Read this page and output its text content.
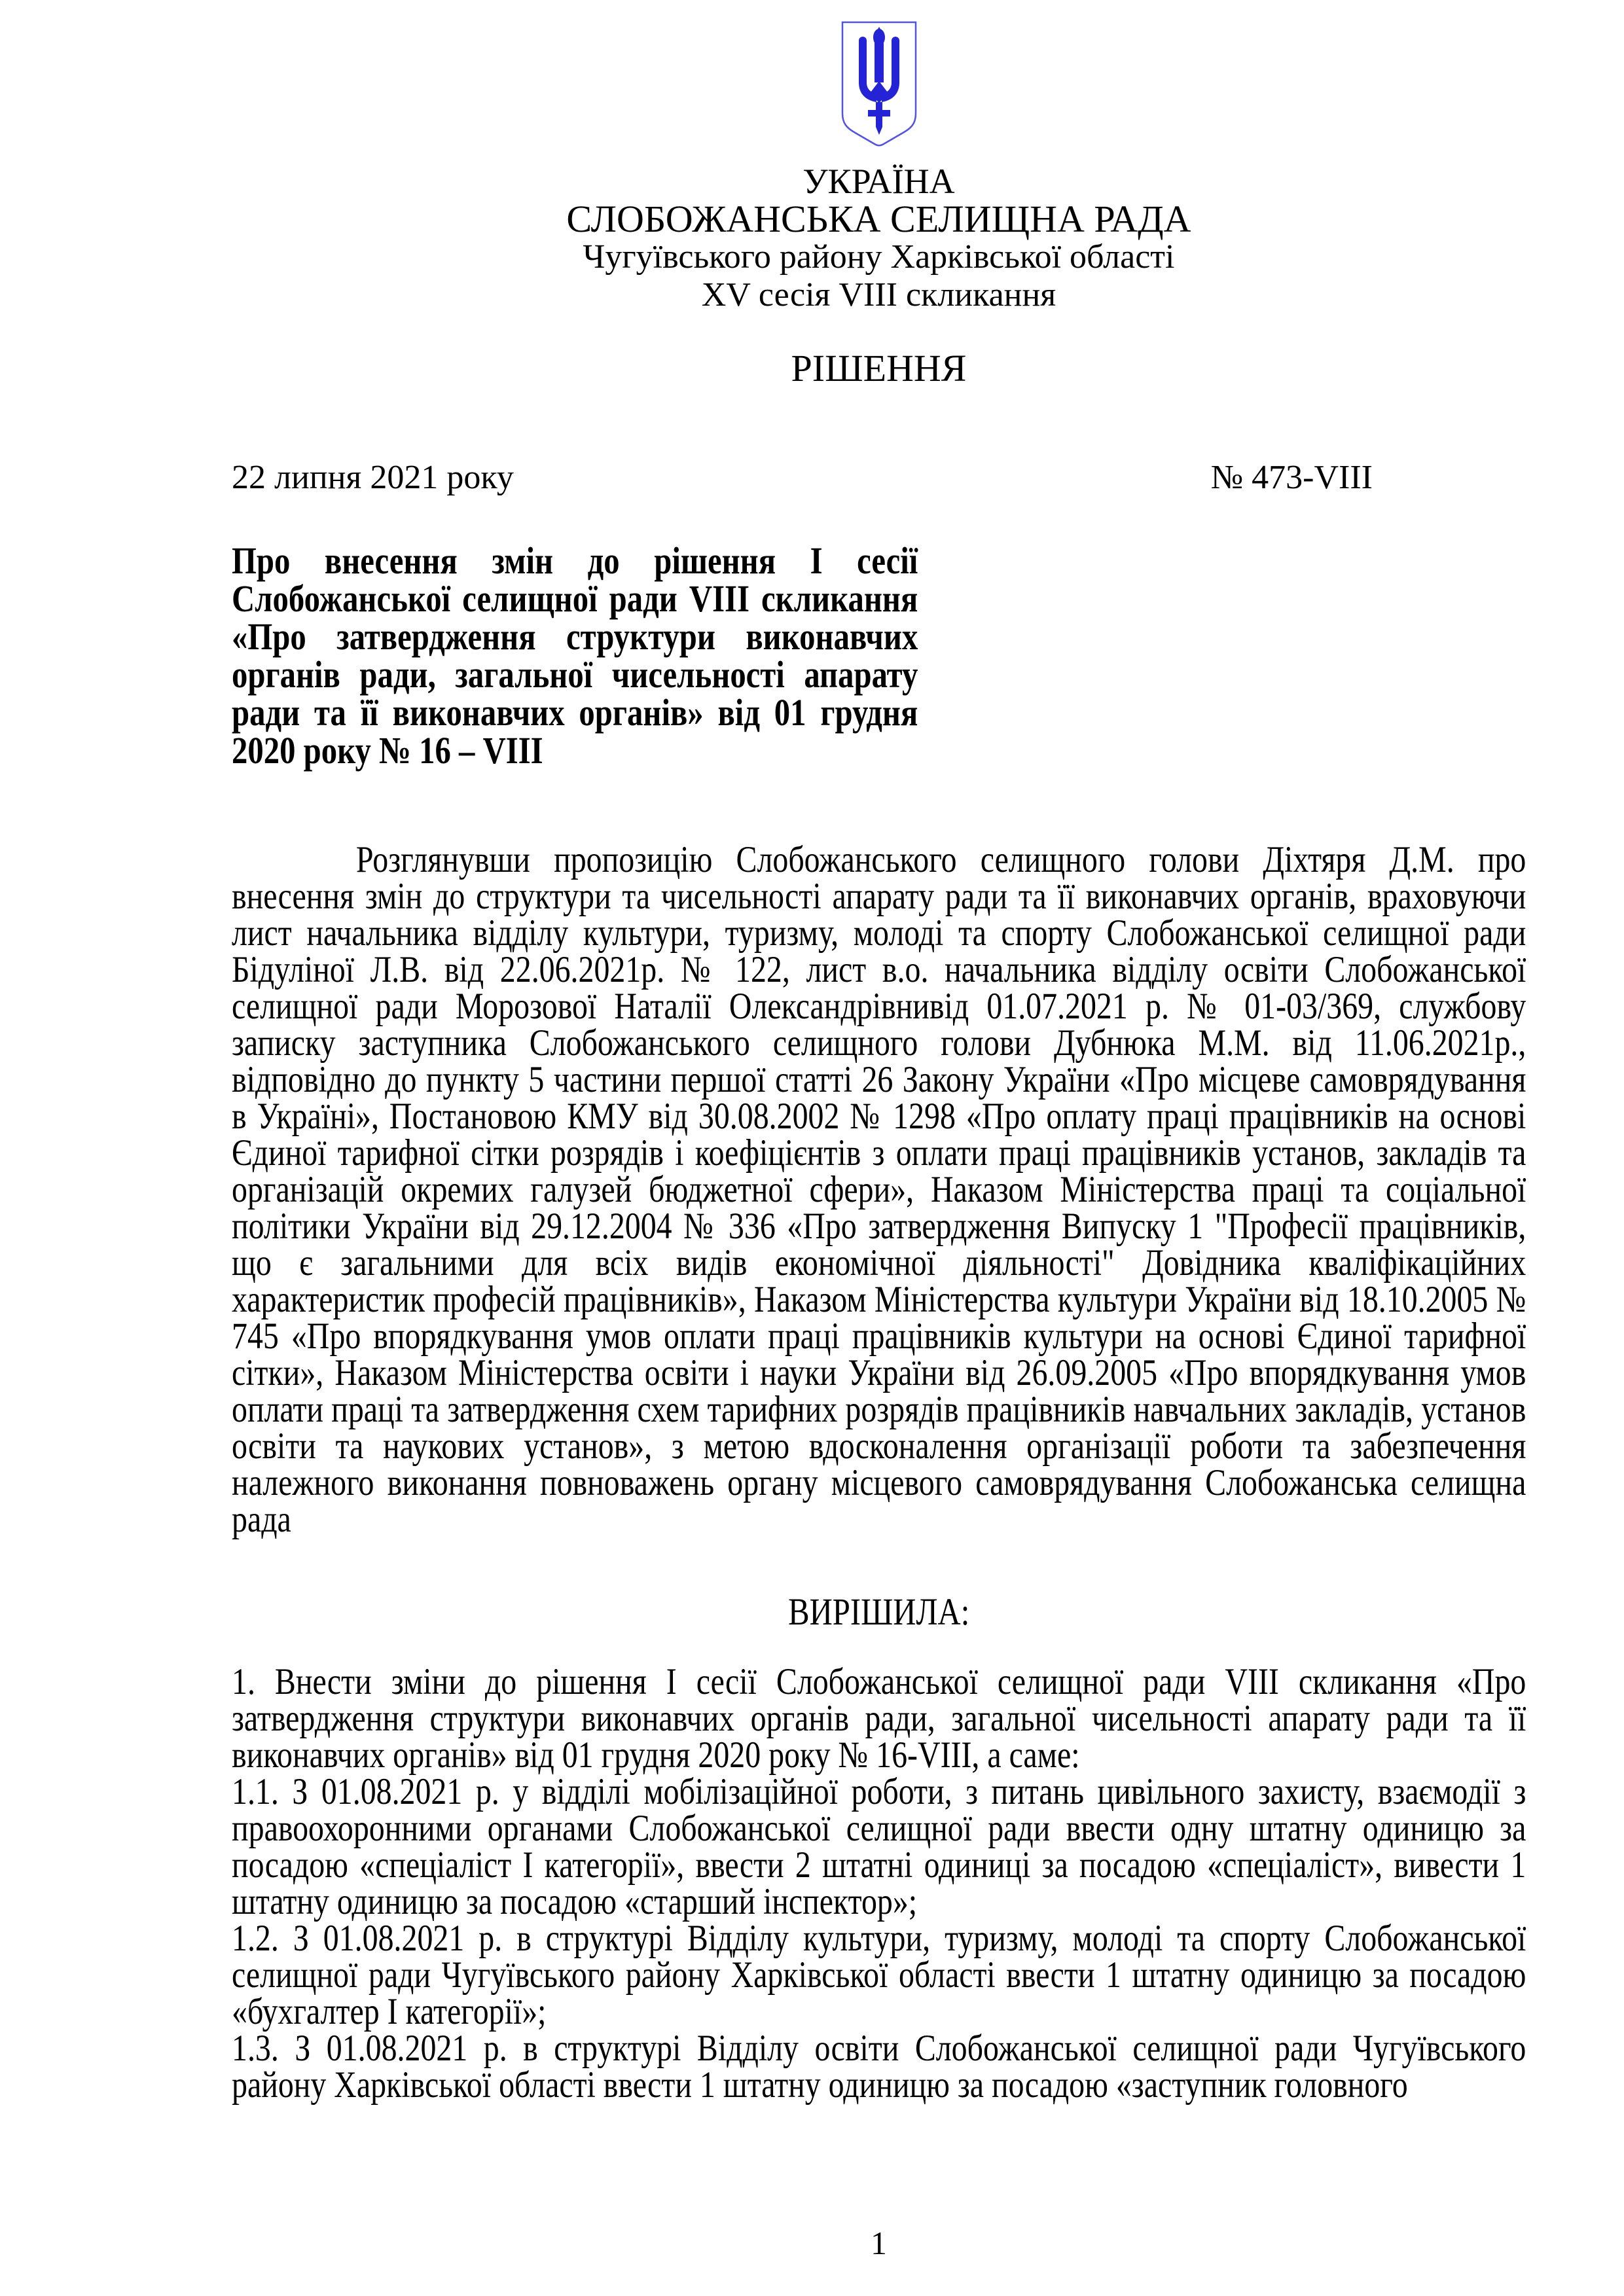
УКРАЇНА
СЛОБОЖАНСЬКА СЕЛИЩНА РАДА
Чугуївського району Харківської області
XV сесія VIII скликання
РІШЕННЯ
22 липня 2021 року	№ 473-VIII
Про внесення змін до рішення І сесії Слобожанської селищної ради VIII скликання «Про затвердження структури виконавчих органів ради, загальної чисельності апарату ради та її виконавчих органів» від 01 грудня 2020 року № 16 – VIII

Розглянувши пропозицію Слобожанського селищного голови Діхтяря Д.М. про внесення змін до структури та чисельності апарату ради та її виконавчих органів, враховуючи лист начальника відділу культури, туризму, молоді та спорту Слобожанської селищної ради Бідуліної Л.В. від 22.06.2021р. № 122, лист в.о. начальника відділу освіти Слобожанської селищної ради Морозової Наталії Олександрівнивід 01.07.2021 р. № 01-03/369, службову записку заступника Слобожанського селищного голови Дубнюка М.М. від 11.06.2021р., відповідно до пункту 5 частини першої статті 26 Закону України «Про місцеве самоврядування в Україні», Постановою КМУ від 30.08.2002 № 1298 «Про оплату праці працівників на основі Єдиної тарифної сітки розрядів і коефіцієнтів з оплати праці працівників установ, закладів та організацій окремих галузей бюджетної сфери», Наказом Міністерства праці та соціальної політики України від 29.12.2004 № 336 «Про затвердження Випуску 1 "Професії працівників, що є загальними для всіх видів економічної діяльності" Довідника кваліфікаційних характеристик професій працівників», Наказом Міністерства культури України від 18.10.2005 № 745 «Про впорядкування умов оплати праці працівників культури на основі Єдиної тарифної сітки», Наказом Міністерства освіти і науки України від 26.09.2005 «Про впорядкування умов оплати праці та затвердження схем тарифних розрядів працівників навчальних закладів, установ освіти та наукових установ», з метою вдосконалення організації роботи та забезпечення належного виконання повноважень органу місцевого самоврядування Слобожанська селищна рада

ВИРІШИЛА:

1. Внести зміни до рішення І сесії Слобожанської селищної ради VIII скликання «Про затвердження структури виконавчих органів ради, загальної чисельності апарату ради та її виконавчих органів» від 01 грудня 2020 року № 16-VIII, а саме:

1.1. З 01.08.2021 р. у відділі мобілізаційної роботи, з питань цивільного захисту, взаємодії з правоохоронними органами Слобожанської селищної ради ввести одну штатну одиницю за посадою «спеціаліст І категорії», ввести 2 штатні одиниці за посадою «спеціаліст», вивести 1 штатну одиницю за посадою «старший інспектор»;

1.2. З 01.08.2021 р. в структурі Відділу культури, туризму, молоді та спорту Слобожанської селищної ради Чугуївського району Харківської області ввести 1 штатну одиницю за посадою «бухгалтер І категорії»;

1.3. З 01.08.2021 р. в структурі Відділу освіти Слобожанської селищної ради Чугуївського району Харківської області ввести 1 штатну одиницю за посадою «заступник головного

1
